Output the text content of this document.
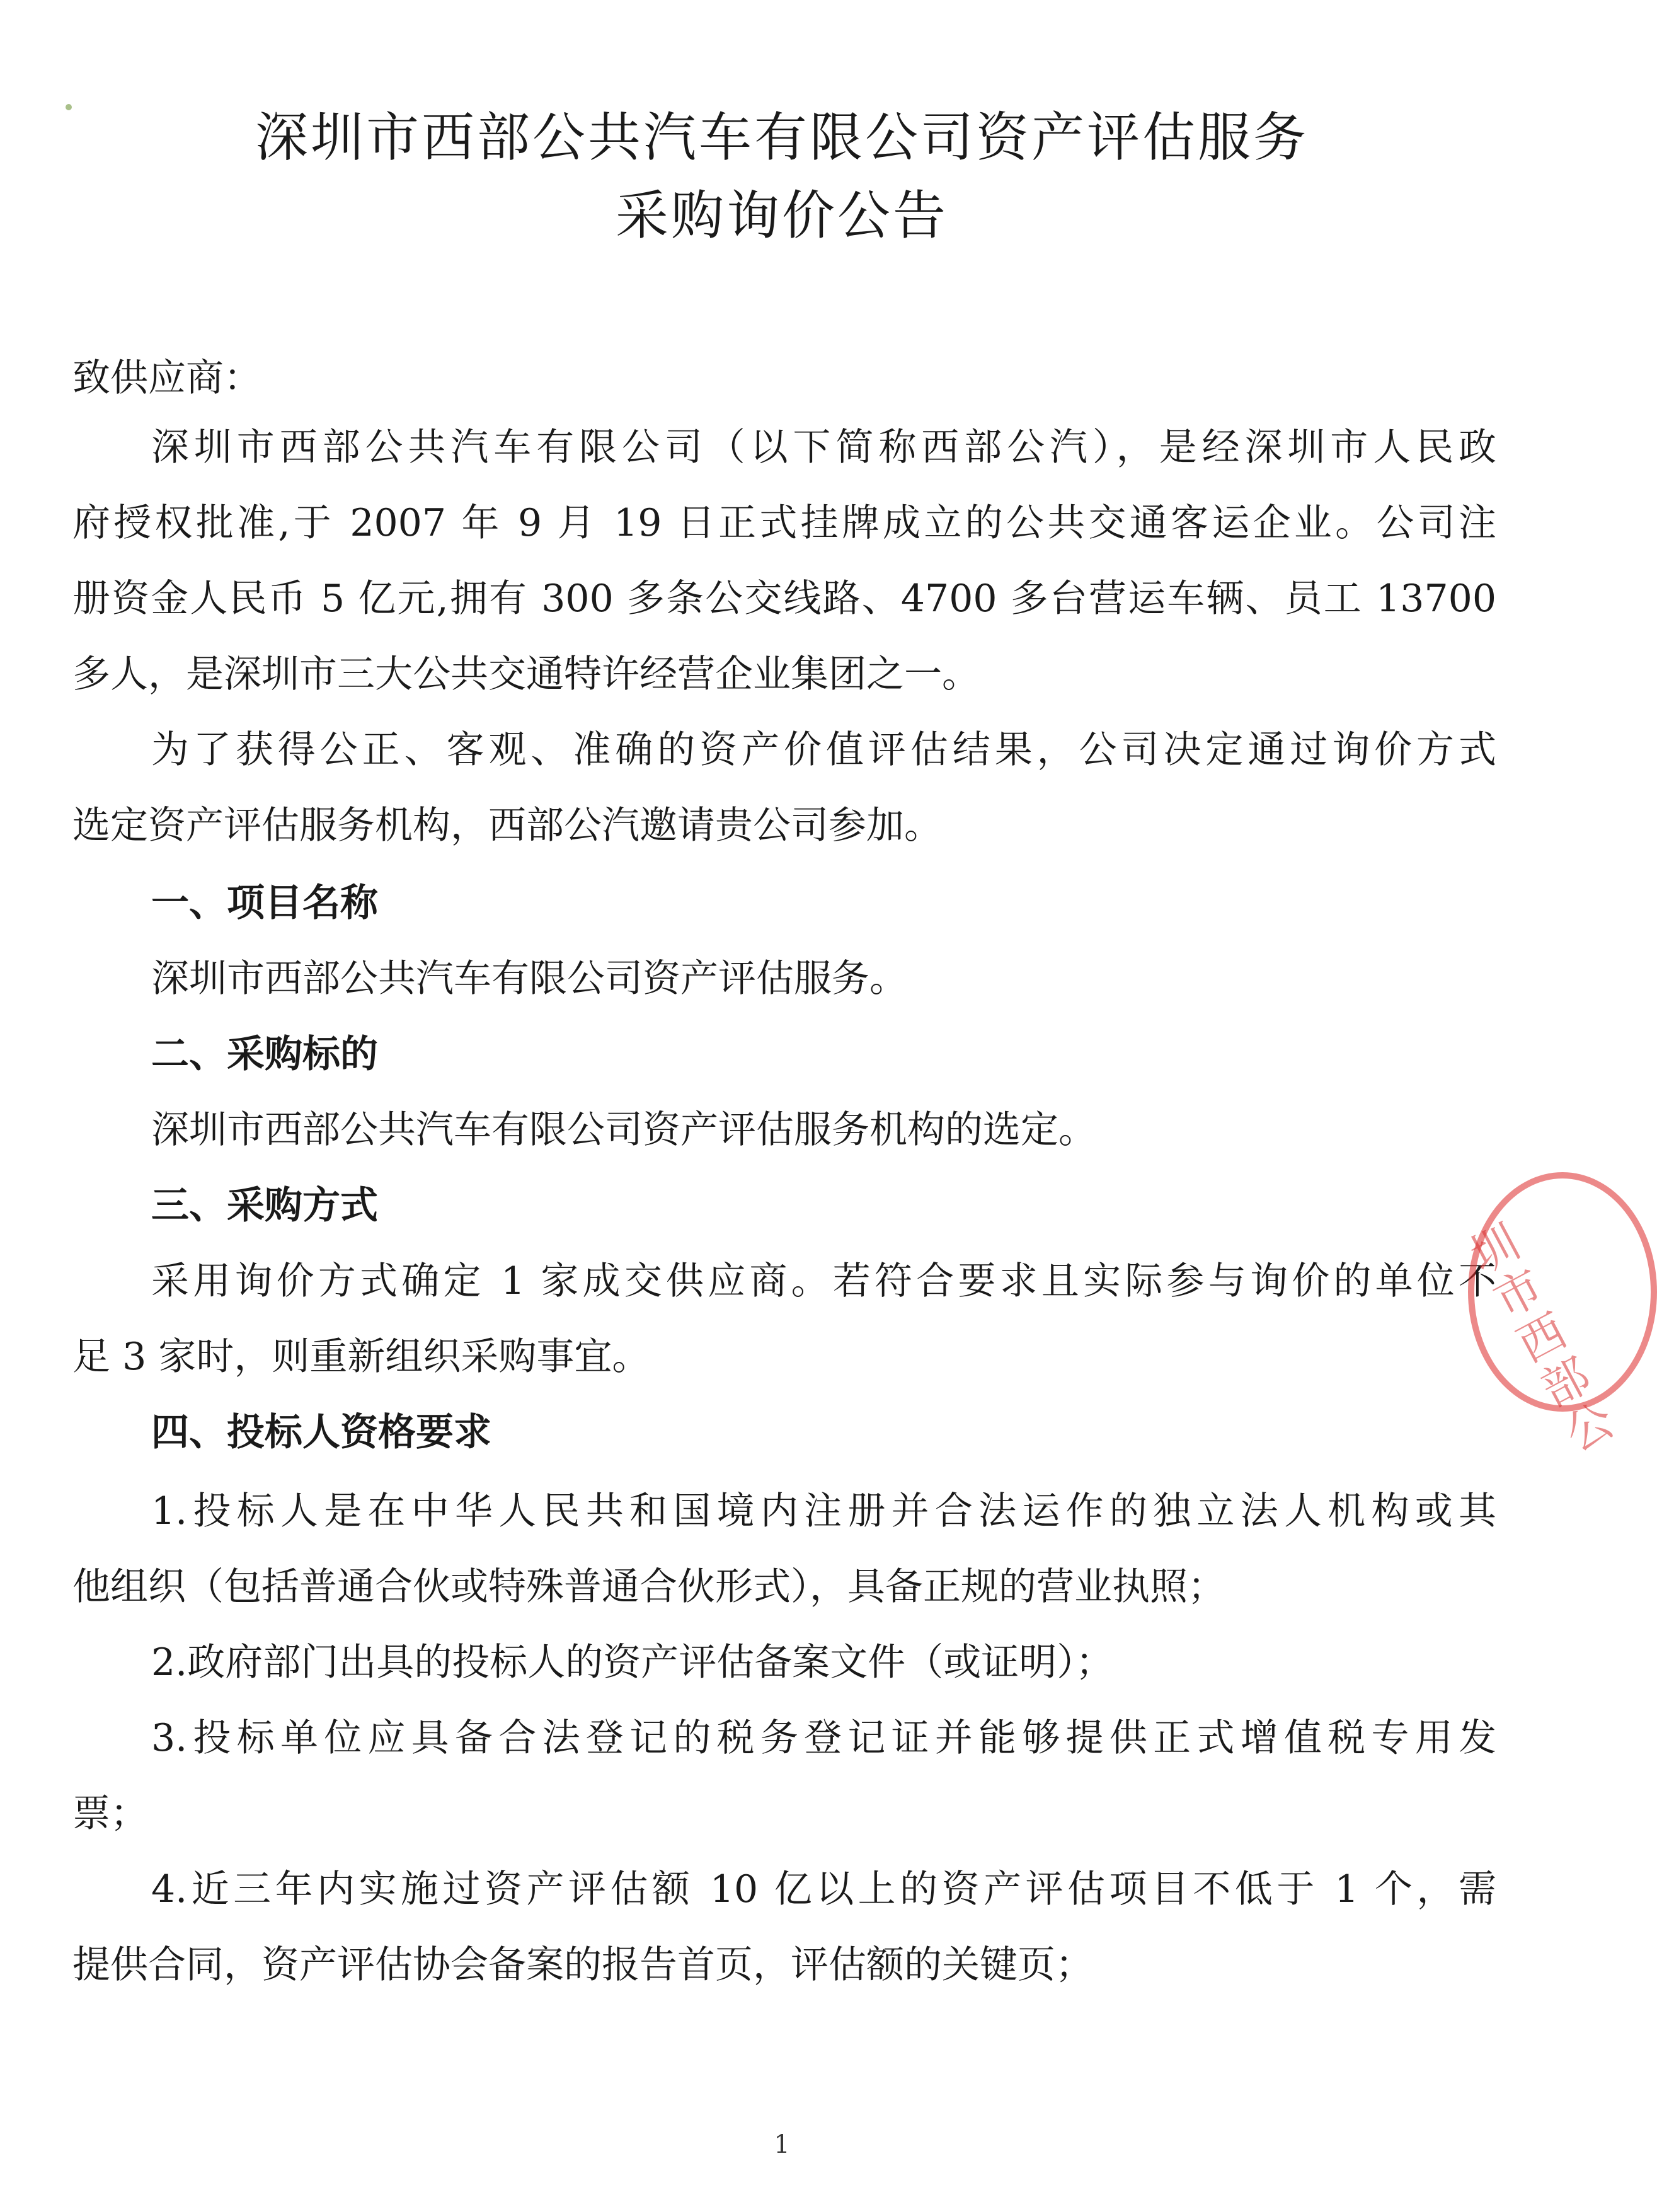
深圳市西部公共汽车有限公司资产评估服务
采购询价公告

致供应商：

深圳市西部公共汽车有限公司（以下简称西部公汽），是经深圳市人民政

府授权批准,于 2007 年 9 月 19 日正式挂牌成立的公共交通客运企业。公司注

册资金人民币 5 亿元,拥有 300 多条公交线路、4700 多台营运车辆、员工 13700

多人，是深圳市三大公共交通特许经营企业集团之一。

为了获得公正、客观、准确的资产价值评估结果，公司决定通过询价方式

选定资产评估服务机构，西部公汽邀请贵公司参加。

一、项目名称

深圳市西部公共汽车有限公司资产评估服务。

二、采购标的

深圳市西部公共汽车有限公司资产评估服务机构的选定。

三、采购方式

采用询价方式确定 1 家成交供应商。若符合要求且实际参与询价的单位不

足 3 家时，则重新组织采购事宜。

四、投标人资格要求

1.投标人是在中华人民共和国境内注册并合法运作的独立法人机构或其

他组织（包括普通合伙或特殊普通合伙形式），具备正规的营业执照；

2.政府部门出具的投标人的资产评估备案文件（或证明）；

3.投标单位应具备合法登记的税务登记证并能够提供正式增值税专用发

票；

4.近三年内实施过资产评估额 10 亿以上的资产评估项目不低于 1 个，需

提供合同，资产评估协会备案的报告首页，评估额的关键页；

圳市西部公
1
